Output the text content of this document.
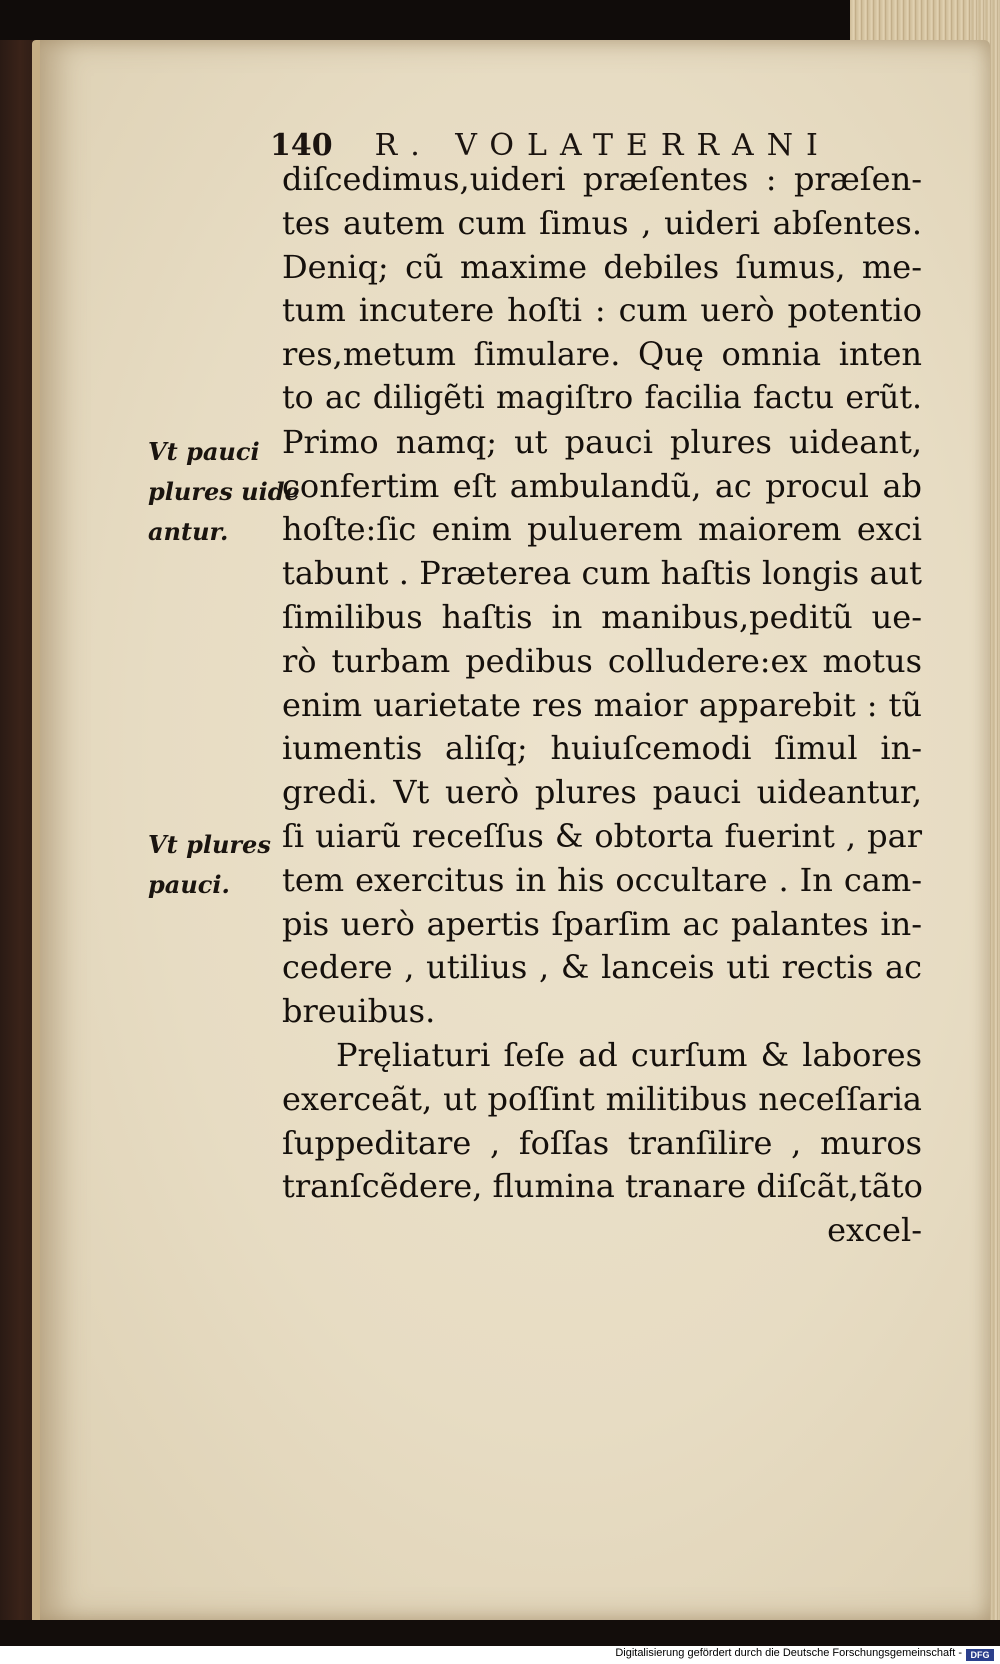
140 R. VOLATERRANI
Vt pauci
plures uide
antur.
Vt plures
pauci.
diſcedimus,uideri præſentes : præſen-
tes autem cum ſimus , uideri abſentes.
Deniq; cũ maxime debiles ſumus, me-
tum incutere hoſti : cum uerò potentio
res,metum ſimulare. Quę omnia inten
to ac diligẽti magiſtro facilia factu erũt.
Primo namq; ut pauci plures uideant,
confertim eſt ambulandũ, ac procul ab
hoſte:ſic enim puluerem maiorem exci
tabunt . Præterea cum haſtis longis aut
ſimilibus haſtis in manibus,peditũ ue-
rò turbam pedibus colludere:ex motus
enim uarietate res maior apparebit : tũ
iumentis aliſq; huiuſcemodi ſimul in-
gredi. Vt uerò plures pauci uideantur,
ſi uiarũ receſſus & obtorta fuerint , par
tem exercitus in his occultare . In cam-
pis uerò apertis ſparſim ac palantes in-
cedere , utilius , & lanceis uti rectis ac
breuibus.
Pręliaturi ſeſe ad curſum & labores
exerceãt, ut poſſint militibus neceſſaria
ſuppeditare , foſſas tranſilire , muros
tranſcẽdere, flumina tranare diſcãt,tãto
excel-
Digitalisierung gefördert durch die Deutsche Forschungsgemeinschaft - DFG
